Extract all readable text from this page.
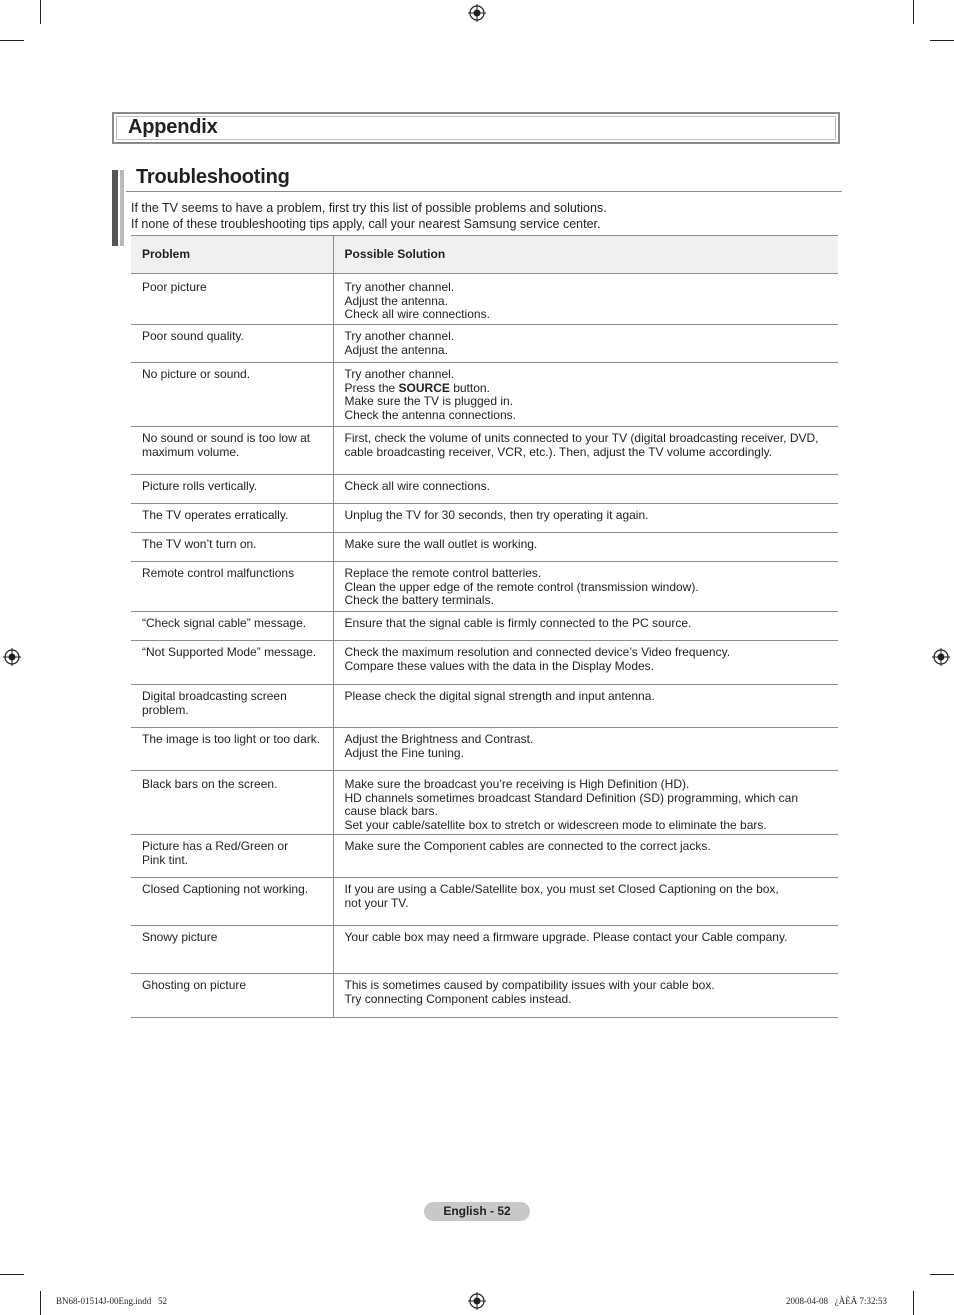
Appendix
Troubleshooting
If the TV seems to have a problem, first try this list of possible problems and solutions.
If none of these troubleshooting tips apply, call your nearest Samsung service center.
Problem	Possible Solution

Poor picture	Try another channel.
Adjust the antenna.
Check all wire connections.

Poor sound quality.	Try another channel.
Adjust the antenna.

No picture or sound.	Try another channel.
Press the SOURCE button.
Make sure the TV is plugged in.
Check the antenna connections.

No sound or sound is too low at
maximum volume.	First, check the volume of units connected to your TV (digital broadcasting receiver, DVD,
cable broadcasting receiver, VCR, etc.). Then, adjust the TV volume accordingly.

Picture rolls vertically.	Check all wire connections.

The TV operates erratically.	Unplug the TV for 30 seconds, then try operating it again.

The TV won’t turn on.	Make sure the wall outlet is working.

Remote control malfunctions	Replace the remote control batteries.
Clean the upper edge of the remote control (transmission window).
Check the battery terminals.

“Check signal cable” message.	Ensure that the signal cable is firmly connected to the PC source.

“Not Supported Mode” message.	Check the maximum resolution and connected device’s Video frequency.
Compare these values with the data in the Display Modes.

Digital broadcasting screen
problem.	Please check the digital signal strength and input antenna.

The image is too light or too dark.	Adjust the Brightness and Contrast.
Adjust the Fine tuning.

Black bars on the screen.	Make sure the broadcast you’re receiving is High Definition (HD).
HD channels sometimes broadcast Standard Definition (SD) programming, which can
cause black bars.
Set your cable/satellite box to stretch or widescreen mode to eliminate the bars.

Picture has a Red/Green or
Pink tint.	Make sure the Component cables are connected to the correct jacks.

Closed Captioning not working.	If you are using a Cable/Satellite box, you must set Closed Captioning on the box,
not your TV.

Snowy picture	Your cable box may need a firmware upgrade. Please contact your Cable company.

Ghosting on picture	This is sometimes caused by compatibility issues with your cable box.
Try connecting Component cables instead.
English - 52
BN68-01514J-00Eng.indd   52	2008-04-08   ¿ÀÈÄ 7:32:53
